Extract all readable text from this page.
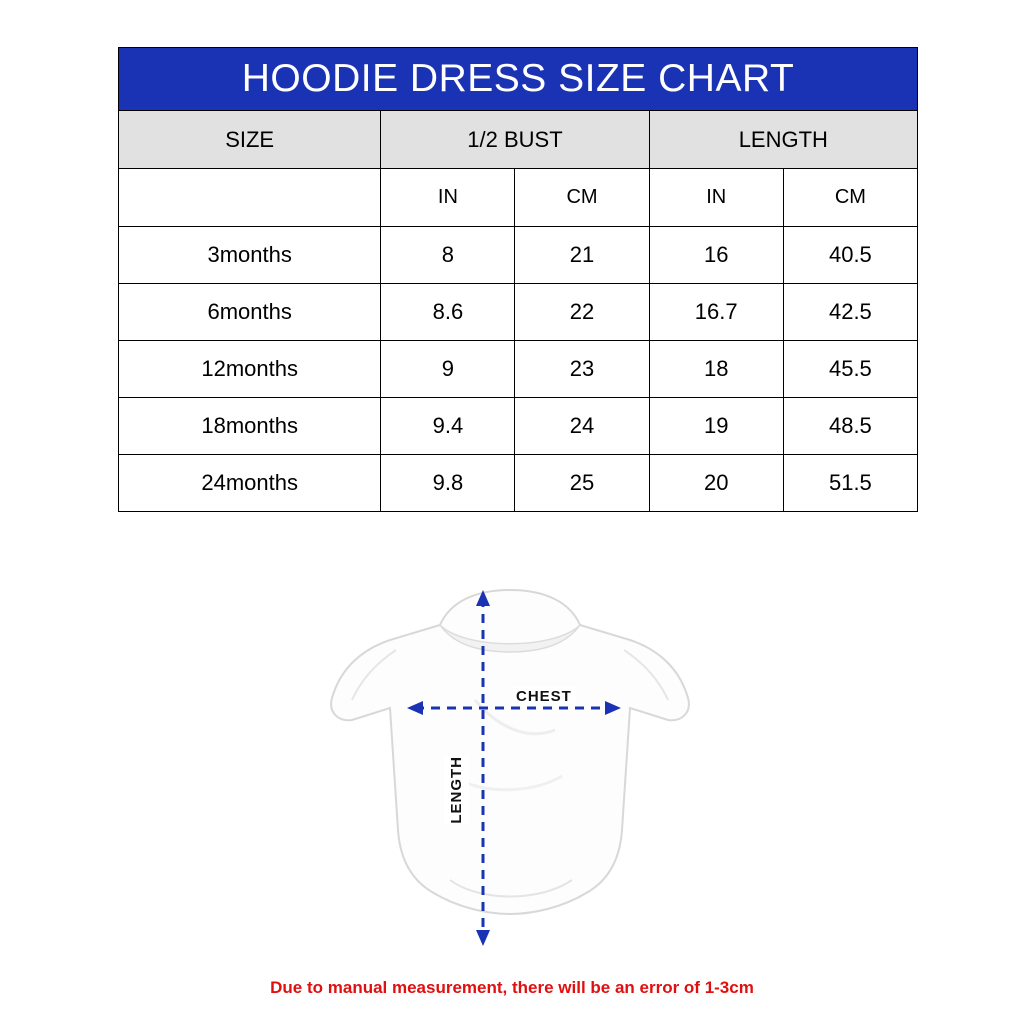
HOODIE DRESS SIZE CHART				
SIZE	1/2 BUST		LENGTH	
	IN	CM	IN	CM
3months	8	21	16	40.5
6months	8.6	22	16.7	42.5
12months	9	23	18	45.5
18months	9.4	24	19	48.5
24months	9.8	25	20	51.5
CHEST
LENGTH
Due to manual measurement, there will be an error of 1-3cm
